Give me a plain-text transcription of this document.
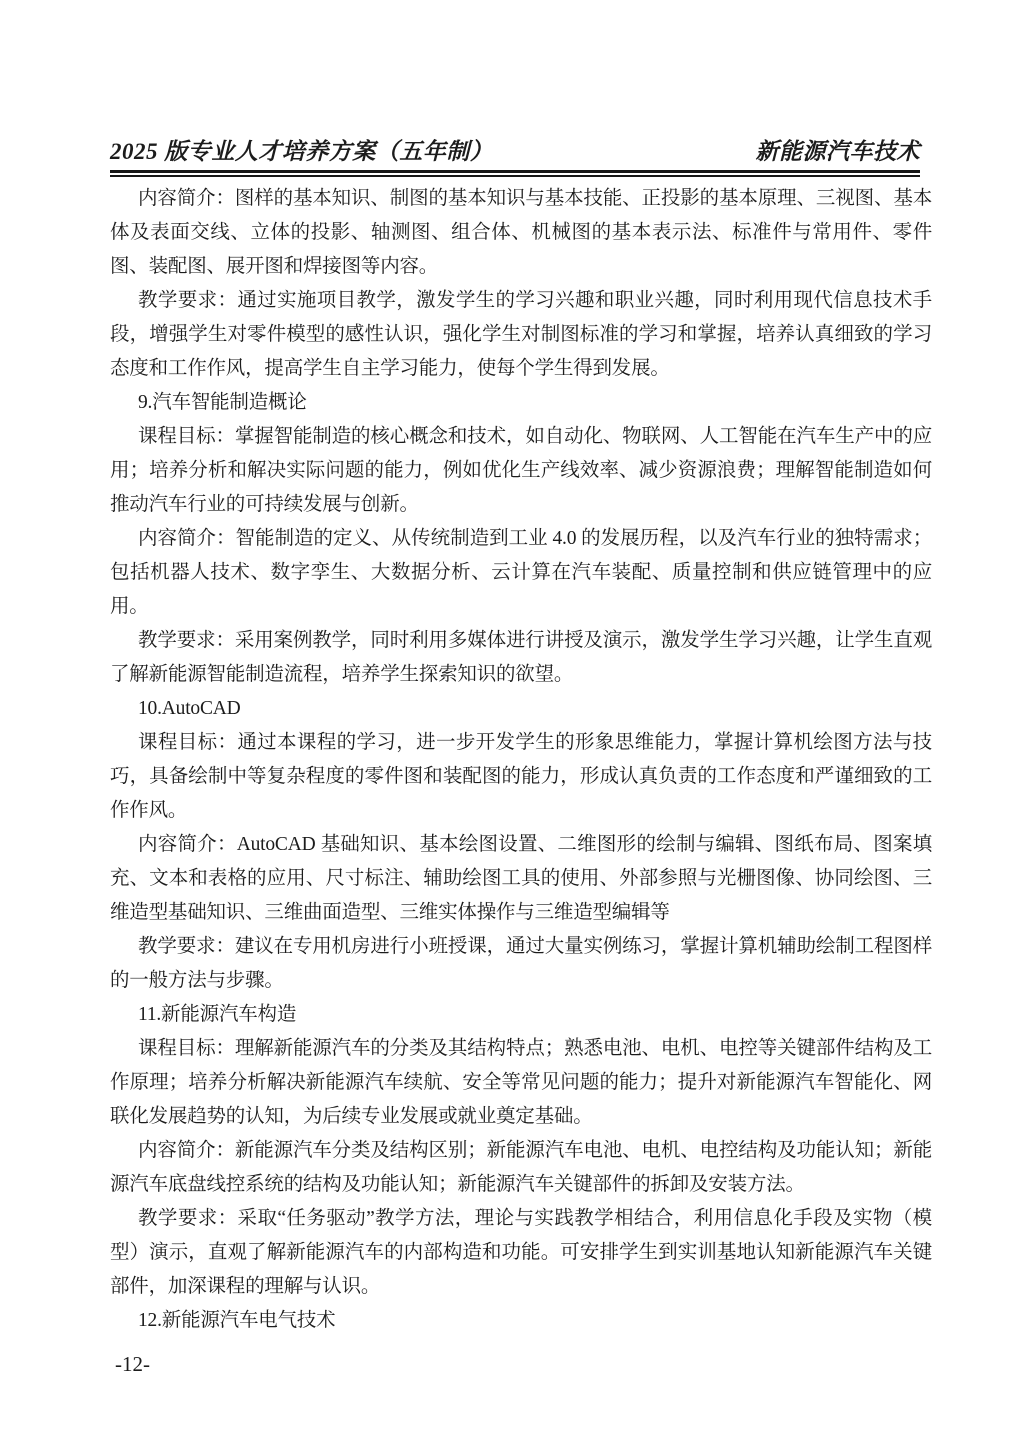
2025 版专业人才培养方案（五年制）	新能源汽车技术

内容简介：图样的基本知识、制图的基本知识与基本技能、正投影的基本原理、三视图、基本体及表面交线、立体的投影、轴测图、组合体、机械图的基本表示法、标准件与常用件、零件图、装配图、展开图和焊接图等内容。

教学要求：通过实施项目教学，激发学生的学习兴趣和职业兴趣，同时利用现代信息技术手段，增强学生对零件模型的感性认识，强化学生对制图标准的学习和掌握，培养认真细致的学习态度和工作作风，提高学生自主学习能力，使每个学生得到发展。

9.汽车智能制造概论

课程目标：掌握智能制造的核心概念和技术，如自动化、物联网、人工智能在汽车生产中的应用；培养分析和解决实际问题的能力，例如优化生产线效率、减少资源浪费；理解智能制造如何推动汽车行业的可持续发展与创新。

内容简介：智能制造的定义、从传统制造到工业 4.0 的发展历程，以及汽车行业的独特需求；包括机器人技术、数字孪生、大数据分析、云计算在汽车装配、质量控制和供应链管理中的应用。

教学要求：采用案例教学，同时利用多媒体进行讲授及演示，激发学生学习兴趣，让学生直观了解新能源智能制造流程，培养学生探索知识的欲望。

10.AutoCAD

课程目标：通过本课程的学习，进一步开发学生的形象思维能力，掌握计算机绘图方法与技巧，具备绘制中等复杂程度的零件图和装配图的能力，形成认真负责的工作态度和严谨细致的工作作风。

内容简介：AutoCAD 基础知识、基本绘图设置、二维图形的绘制与编辑、图纸布局、图案填充、文本和表格的应用、尺寸标注、辅助绘图工具的使用、外部参照与光栅图像、协同绘图、三维造型基础知识、三维曲面造型、三维实体操作与三维造型编辑等

教学要求：建议在专用机房进行小班授课，通过大量实例练习，掌握计算机辅助绘制工程图样的一般方法与步骤。

11.新能源汽车构造

课程目标：理解新能源汽车的分类及其结构特点；熟悉电池、电机、电控等关键部件结构及工作原理；培养分析解决新能源汽车续航、安全等常见问题的能力；提升对新能源汽车智能化、网联化发展趋势的认知，为后续专业发展或就业奠定基础。

内容简介：新能源汽车分类及结构区别；新能源汽车电池、电机、电控结构及功能认知；新能源汽车底盘线控系统的结构及功能认知；新能源汽车关键部件的拆卸及安装方法。

教学要求：采取“任务驱动”教学方法，理论与实践教学相结合，利用信息化手段及实物（模型）演示，直观了解新能源汽车的内部构造和功能。可安排学生到实训基地认知新能源汽车关键部件，加深课程的理解与认识。

12.新能源汽车电气技术

-12-
